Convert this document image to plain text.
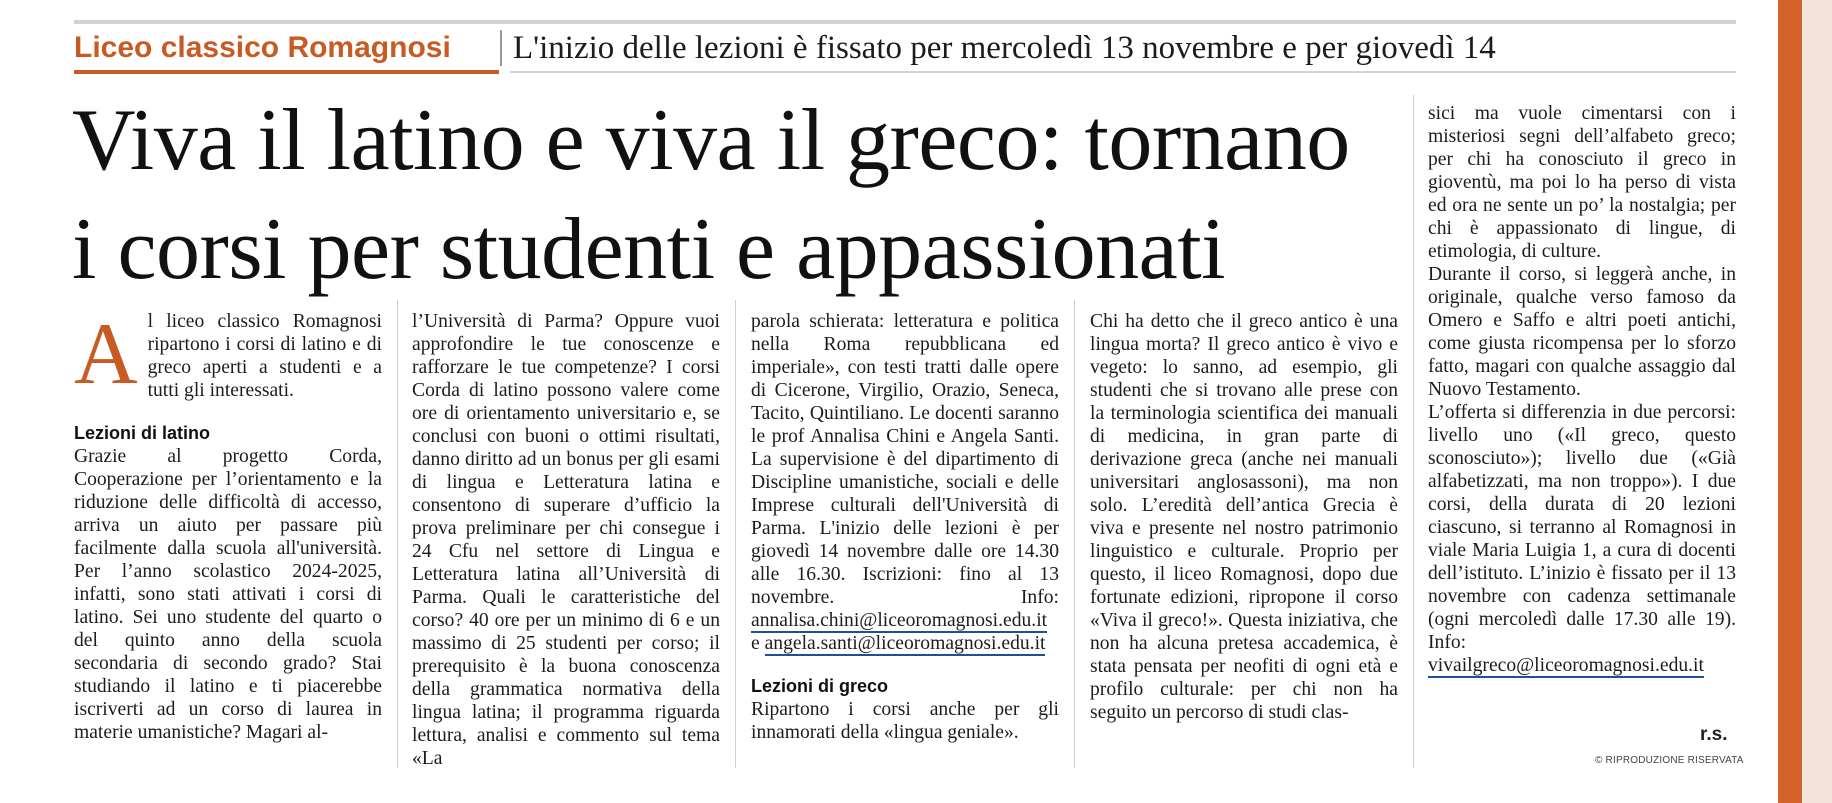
Liceo classico Romagnosi L'inizio delle lezioni è fissato per mercoledì 13 novembre e per giovedì 14
Viva il latino e viva il greco: tornano
i corsi per studenti e appassionati

Al liceo classico Romagnosi ripartono i corsi di latino e di greco aperti a studenti e a tutti gli interessati.

Lezioni di latino

Grazie al progetto Corda, Cooperazione per l’orientamento e la riduzione delle difficoltà di accesso, arriva un aiuto per passare più facilmente dalla scuola all'università. Per l’anno scolastico 2024-2025, infatti, sono stati attivati i corsi di latino. Sei uno studente del quarto o del quinto anno della scuola secondaria di secondo grado? Stai studiando il latino e ti piacerebbe iscriverti ad un corso di laurea in materie umanistiche? Magari al-

l’Università di Parma? Oppure vuoi approfondire le tue conoscenze e rafforzare le tue competenze? I corsi Corda di latino possono valere come ore di orientamento universitario e, se conclusi con buoni o ottimi risultati, danno diritto ad un bonus per gli esami di lingua e Letteratura latina e consentono di superare d’ufficio la prova preliminare per chi consegue i 24 Cfu nel settore di Lingua e Letteratura latina all’Università di Parma. Quali le caratteristiche del corso? 40 ore per un minimo di 6 e un massimo di 25 studenti per corso; il prerequisito è la buona conoscenza della grammatica normativa della lingua latina; il programma riguarda lettura, analisi e commento sul tema «La

parola schierata: letteratura e politica nella Roma repubblicana ed imperiale», con testi tratti dalle opere di Cicerone, Virgilio, Orazio, Seneca, Tacito, Quintiliano. Le docenti saranno le prof Annalisa Chini e Angela Santi. La supervisione è del dipartimento di Discipline umanistiche, sociali e delle Imprese culturali dell'Università di Parma. L'inizio delle lezioni è per giovedì 14 novembre dalle ore 14.30 alle 16.30. Iscrizioni: fino al 13 novembre. Info: annalisa.chini@liceoromagnosi.edu.it e angela.santi@liceoromagnosi.edu.it

Lezioni di greco

Ripartono i corsi anche per gli innamorati della «lingua geniale».

Chi ha detto che il greco antico è una lingua morta? Il greco antico è vivo e vegeto: lo sanno, ad esempio, gli studenti che si trovano alle prese con la terminologia scientifica dei manuali di medicina, in gran parte di derivazione greca (anche nei manuali universitari anglosassoni), ma non solo. L’eredità dell’antica Grecia è viva e presente nel nostro patrimonio linguistico e culturale. Proprio per questo, il liceo Romagnosi, dopo due fortunate edizioni, ripropone il corso «Viva il greco!». Questa iniziativa, che non ha alcuna pretesa accademica, è stata pensata per neofiti di ogni età e profilo culturale: per chi non ha seguito un percorso di studi clas-

sici ma vuole cimentarsi con i misteriosi segni dell’alfabeto greco; per chi ha conosciuto il greco in gioventù, ma poi lo ha perso di vista ed ora ne sente un po’ la nostalgia; per chi è appassionato di lingue, di etimologia, di culture.

Durante il corso, si leggerà anche, in originale, qualche verso famoso da Omero e Saffo e altri poeti antichi, come giusta ricompensa per lo sforzo fatto, magari con qualche assaggio dal Nuovo Testamento.

L’offerta si differenzia in due percorsi: livello uno («Il greco, questo sconosciuto»); livello due («Già alfabetizzati, ma non troppo»). I due corsi, della durata di 20 lezioni ciascuno, si terranno al Romagnosi in viale Maria Luigia 1, a cura di docenti dell’istituto. L’inizio è fissato per il 13 novembre con cadenza settimanale (ogni mercoledì dalle 17.30 alle 19). Info: vivailgreco@liceoromagnosi.edu.it

r.s.
© RIPRODUZIONE RISERVATA
